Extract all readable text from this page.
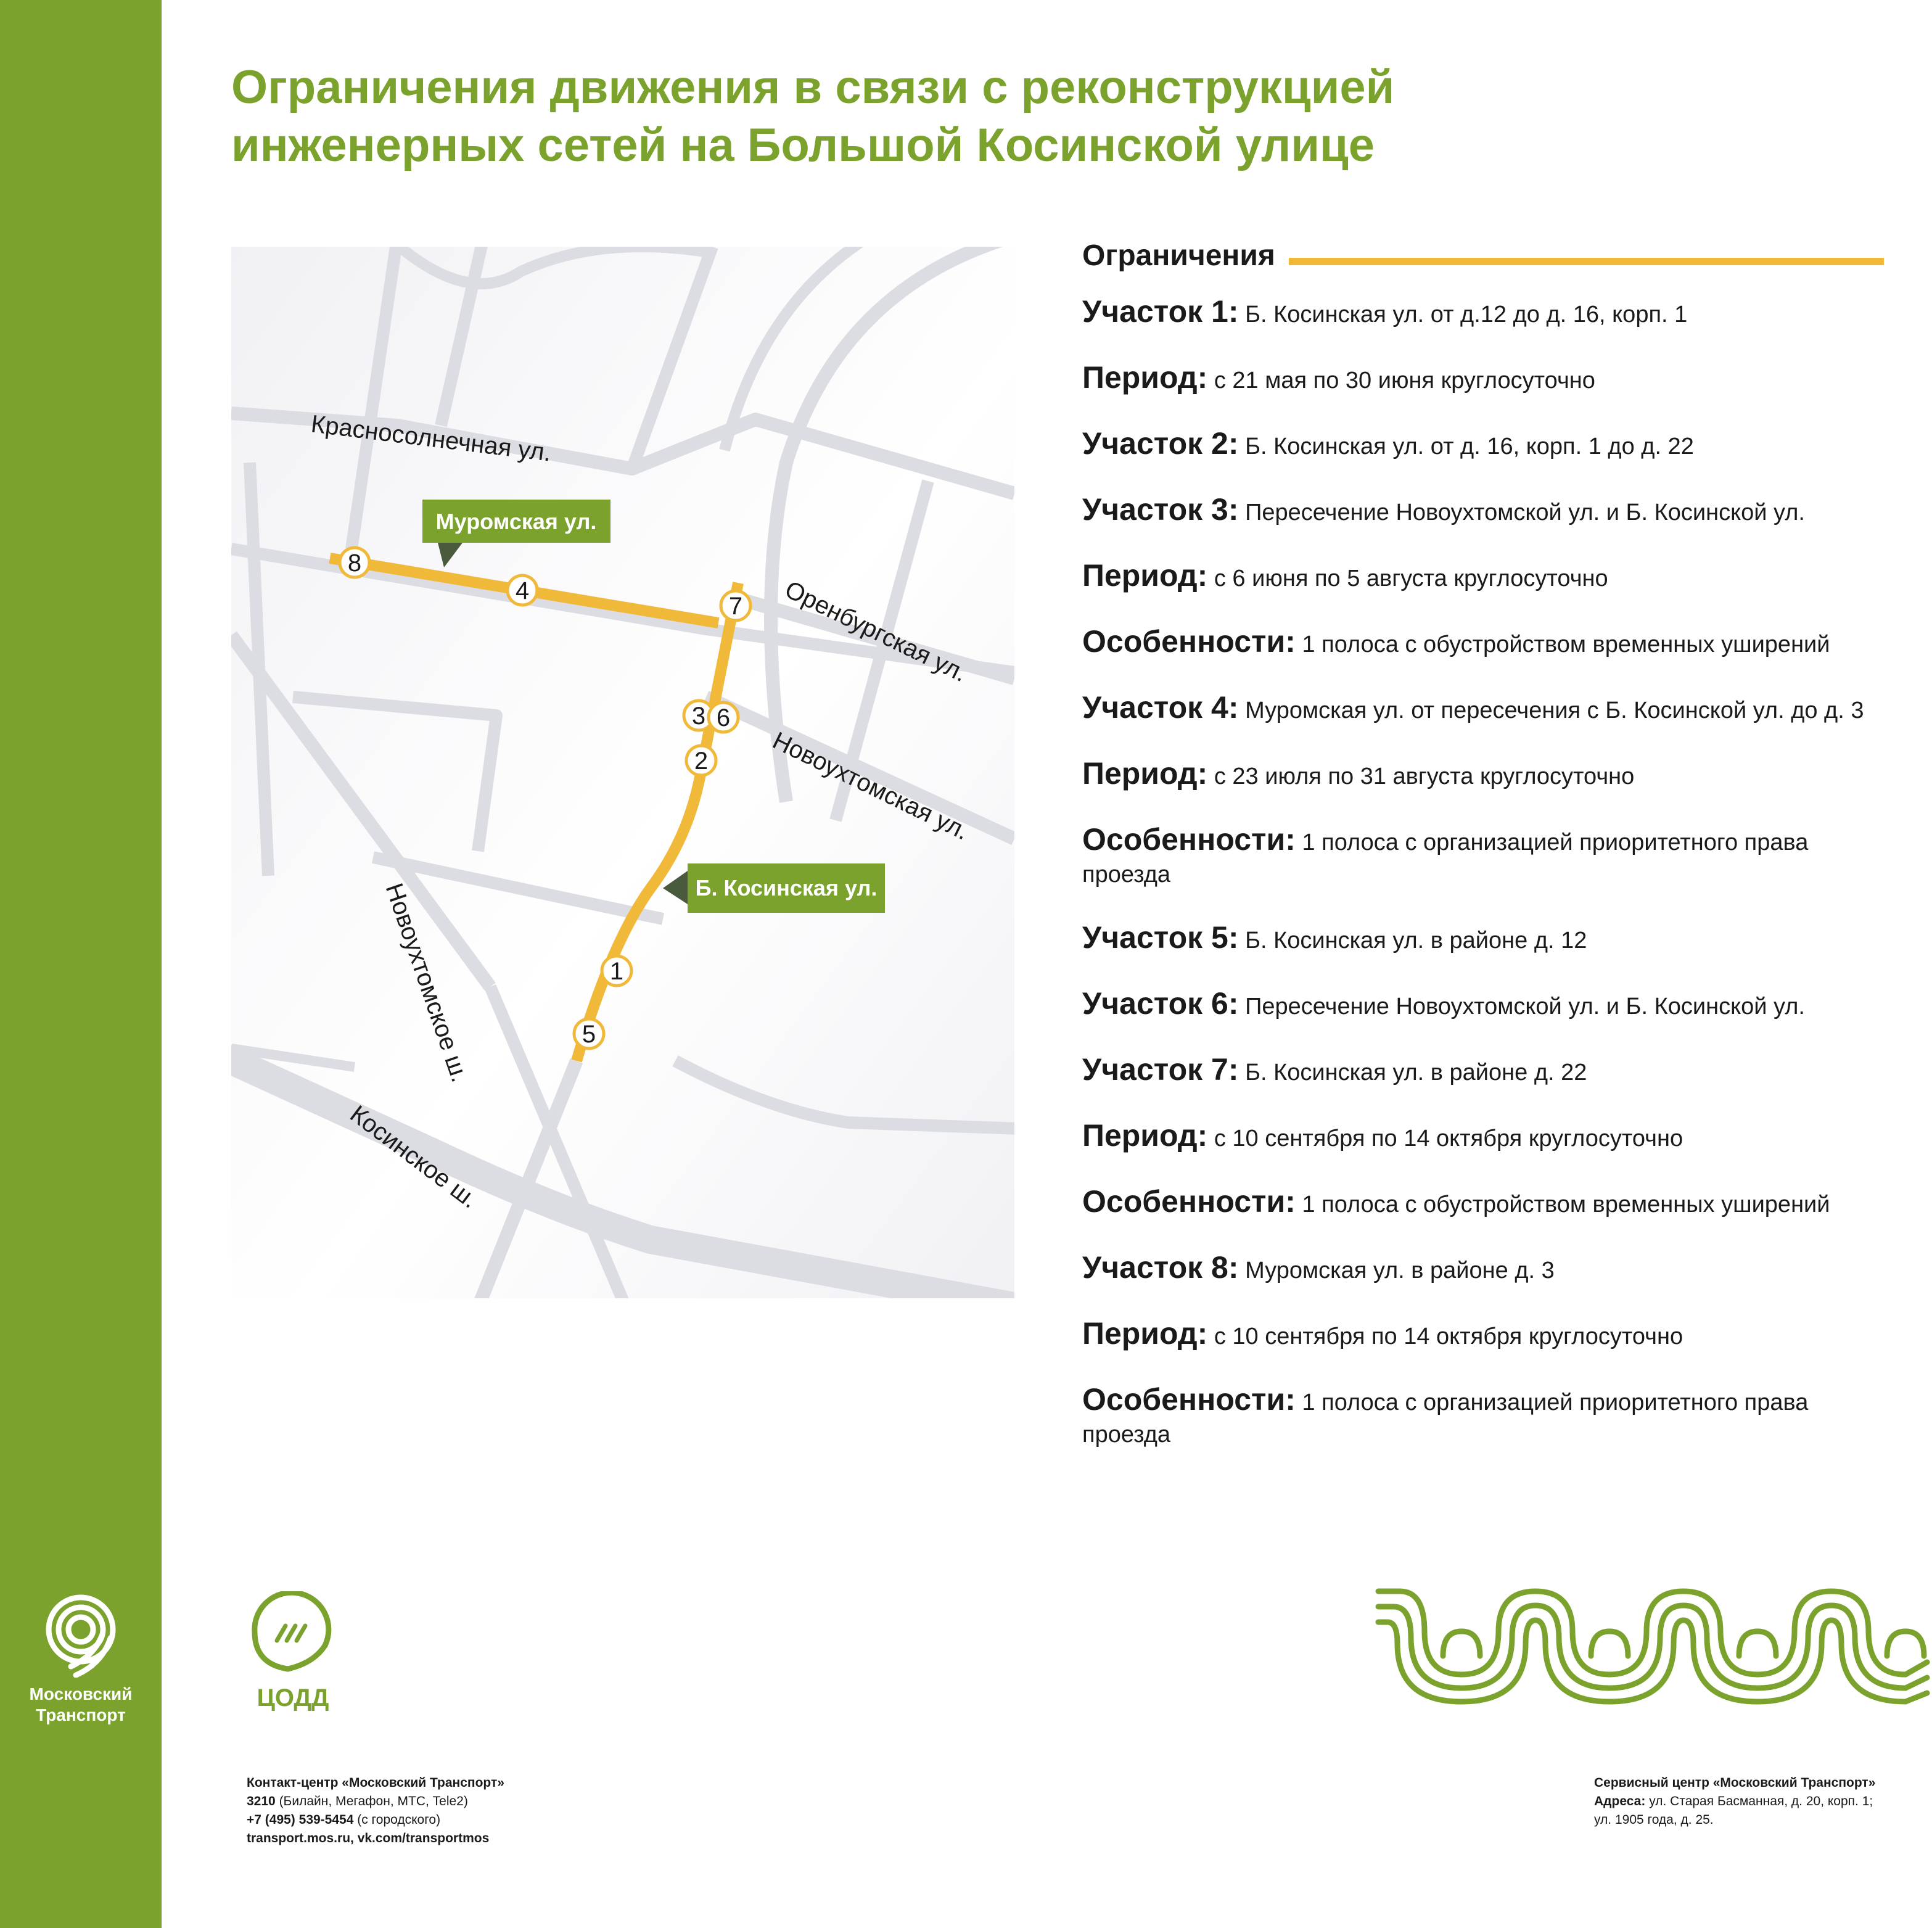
Московский
Транспорт
Ограничения движения в связи с реконструкцией
инженерных сетей на Большой Косинской улице
Красносолнечная ул.
Оренбургская ул.
Новоухтомская ул.
Новоухтомское ш.
Косинское ш.
Муромская ул.
Б. Косинская ул.
8
4
7
3 6
2
1
5
Ограничения
Участок 1: Б. Косинская ул. от д.12 до д. 16, корп. 1
Период: с 21 мая по 30 июня круглосуточно
Участок 2: Б. Косинская ул. от д. 16, корп. 1 до д. 22
Участок 3: Пересечение Новоухтомской ул. и Б. Косинской ул.
Период: с 6 июня по 5 августа круглосуточно
Особенности: 1 полоса с обустройством временных уширений
Участок 4: Муромская ул. от пересечения с Б. Косинской ул. до д. 3
Период: с 23 июля по 31 августа круглосуточно
Особенности: 1 полоса с организацией приоритетного права проезда
Участок 5: Б. Косинская ул. в районе д. 12
Участок 6: Пересечение Новоухтомской ул. и Б. Косинской ул.
Участок 7: Б. Косинская ул. в районе д. 22
Период: с 10 сентября по 14 октября круглосуточно
Особенности: 1 полоса с обустройством временных уширений
Участок 8: Муромская ул. в районе д. 3
Период: с 10 сентября по 14 октября круглосуточно
Особенности: 1 полоса с организацией приоритетного права проезда
ЦОДД
Контакт-центр «Московский Транспорт»
3210 (Билайн, Мегафон, МТС, Tele2)
+7 (495) 539-5454 (с городского)
transport.mos.ru, vk.com/transportmos
Сервисный центр «Московский Транспорт»
Адреса: ул. Старая Басманная, д. 20, корп. 1;
ул. 1905 года, д. 25.
